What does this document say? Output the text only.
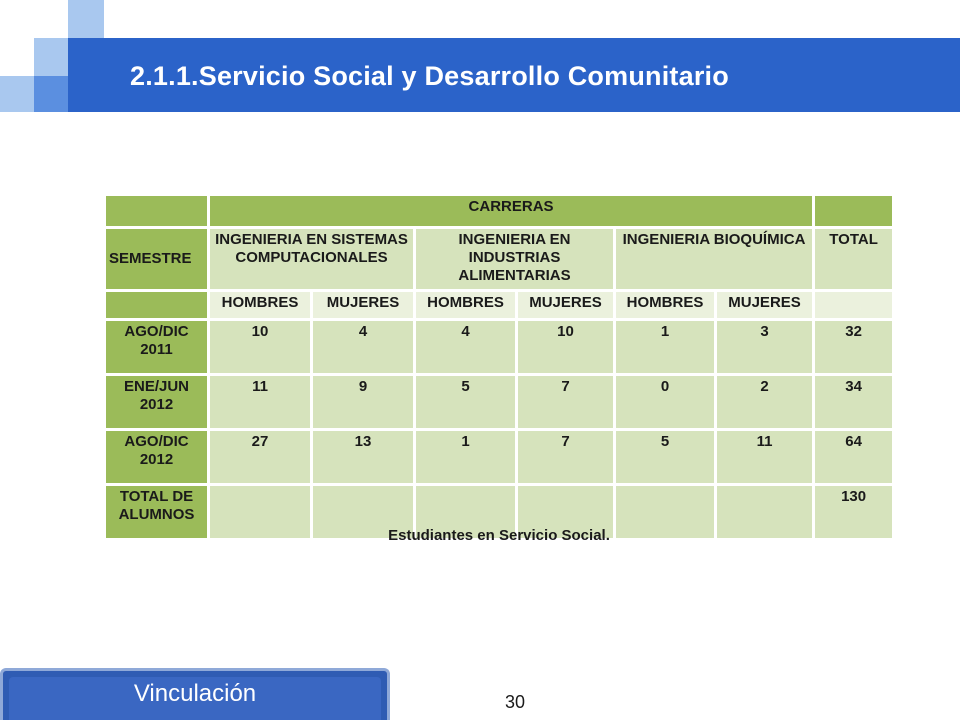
2.1.1.Servicio Social y Desarrollo Comunitario
	CARRERAS						
SEMESTRE	INGENIERIA EN SISTEMAS COMPUTACIONALES		INGENIERIA EN INDUSTRIAS ALIMENTARIAS		INGENIERIA BIOQUÍMICA		TOTAL
	HOMBRES	MUJERES	HOMBRES	MUJERES	HOMBRES	MUJERES	
AGO/DIC 2011	10	4	4	10	1	3	32
ENE/JUN 2012	11	9	5	7	0	2	34
AGO/DIC 2012	27	13	1	7	5	11	64
TOTAL DE ALUMNOS							130
Estudiantes en Servicio Social.
Vinculación	30
